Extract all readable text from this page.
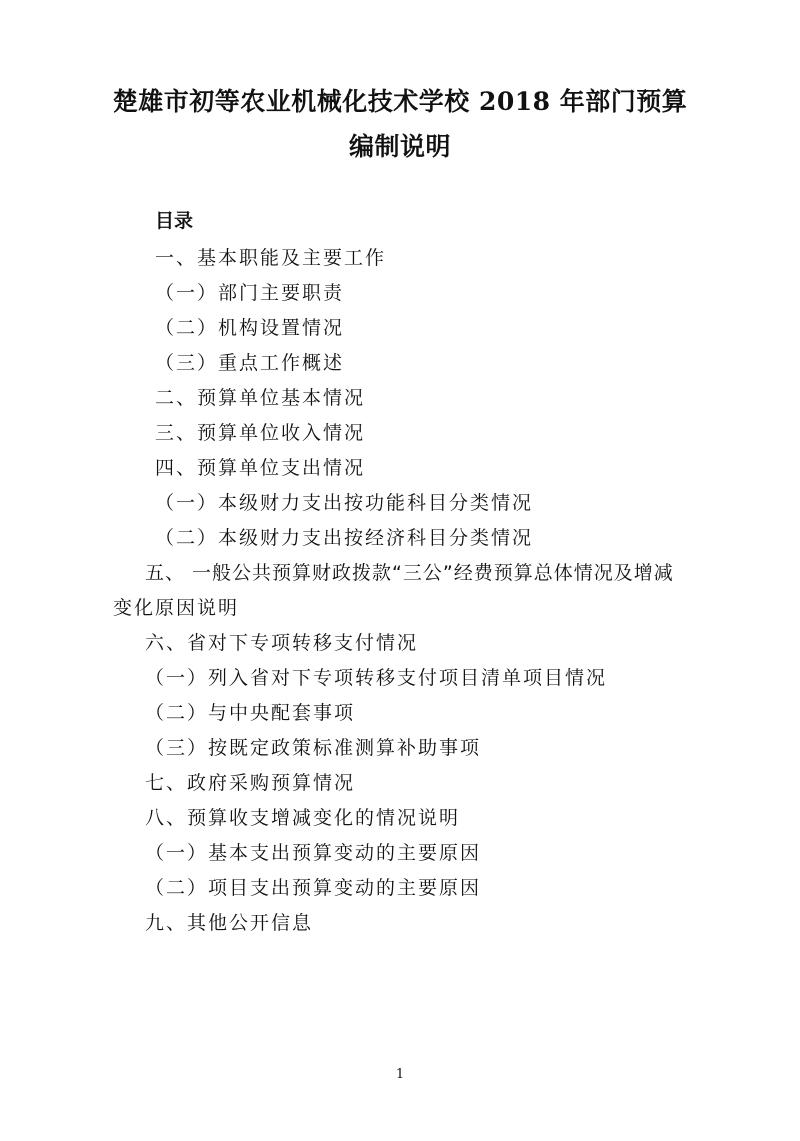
楚雄市初等农业机械化技术学校 2018 年部门预算
编制说明
目录
一、基本职能及主要工作
（一）部门主要职责
（二）机构设置情况
（三）重点工作概述
二、预算单位基本情况
三、预算单位收入情况
四、预算单位支出情况
（一）本级财力支出按功能科目分类情况
（二）本级财力支出按经济科目分类情况
五、 一般公共预算财政拨款“三公”经费预算总体情况及增减
变化原因说明
六、省对下专项转移支付情况
（一）列入省对下专项转移支付项目清单项目情况
（二）与中央配套事项
（三）按既定政策标准测算补助事项
七、政府采购预算情况
八、预算收支增减变化的情况说明
（一）基本支出预算变动的主要原因
（二）项目支出预算变动的主要原因
九、其他公开信息
1
